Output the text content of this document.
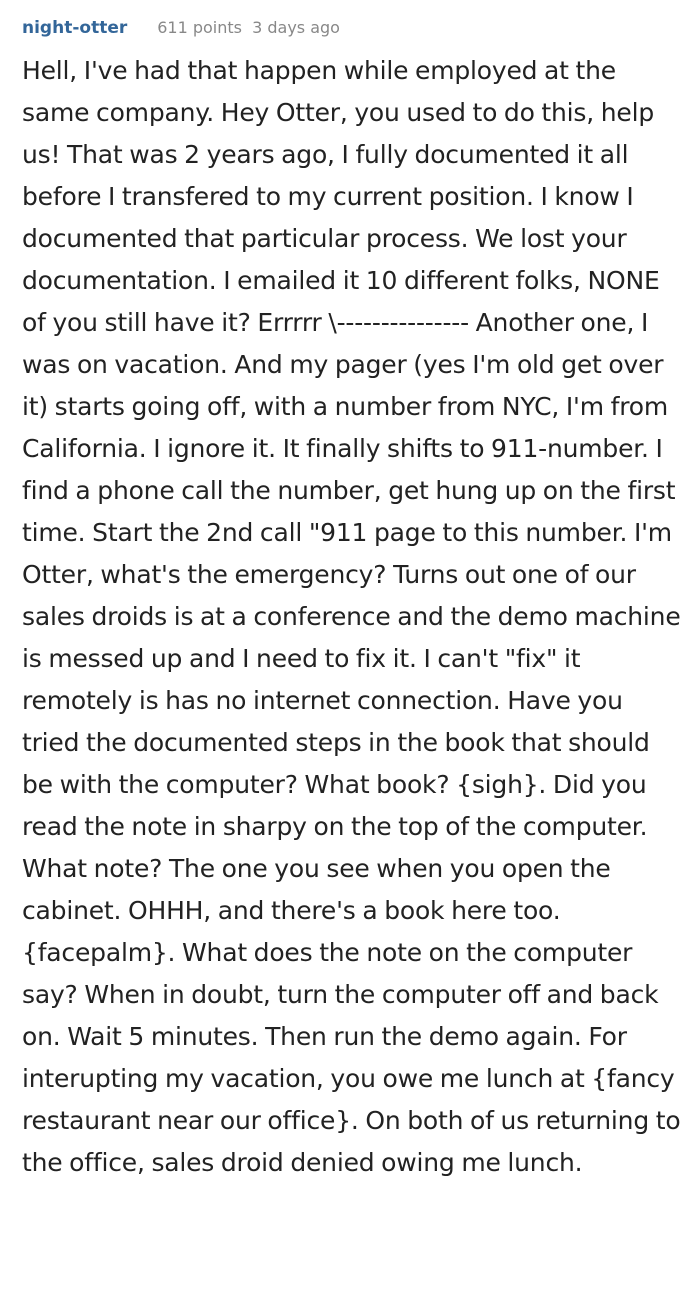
night-otter 611 points 3 days ago
Hell, I've had that happen while employed at the same company. Hey Otter, you used to do this, help us! That was 2 years ago, I fully documented it all before I transfered to my current position. I know I documented that particular process. We lost your documentation. I emailed it 10 different folks, NONE of you still have it? Errrrr \--------------- Another one, I was on vacation. And my pager (yes I'm old get over it) starts going off, with a number from NYC, I'm from California. I ignore it. It finally shifts to 911-number. I find a phone call the number, get hung up on the first time. Start the 2nd call "911 page to this number. I'm Otter, what's the emergency? Turns out one of our sales droids is at a conference and the demo machine is messed up and I need to fix it. I can't "fix" it remotely is has no internet connection. Have you tried the documented steps in the book that should be with the computer? What book? {sigh}. Did you read the note in sharpy on the top of the computer. What note? The one you see when you open the cabinet. OHHH, and there's a book here too. {facepalm}. What does the note on the computer say? When in doubt, turn the computer off and back on. Wait 5 minutes. Then run the demo again. For interupting my vacation, you owe me lunch at {fancy restaurant near our office}. On both of us returning to the office, sales droid denied owing me lunch.
